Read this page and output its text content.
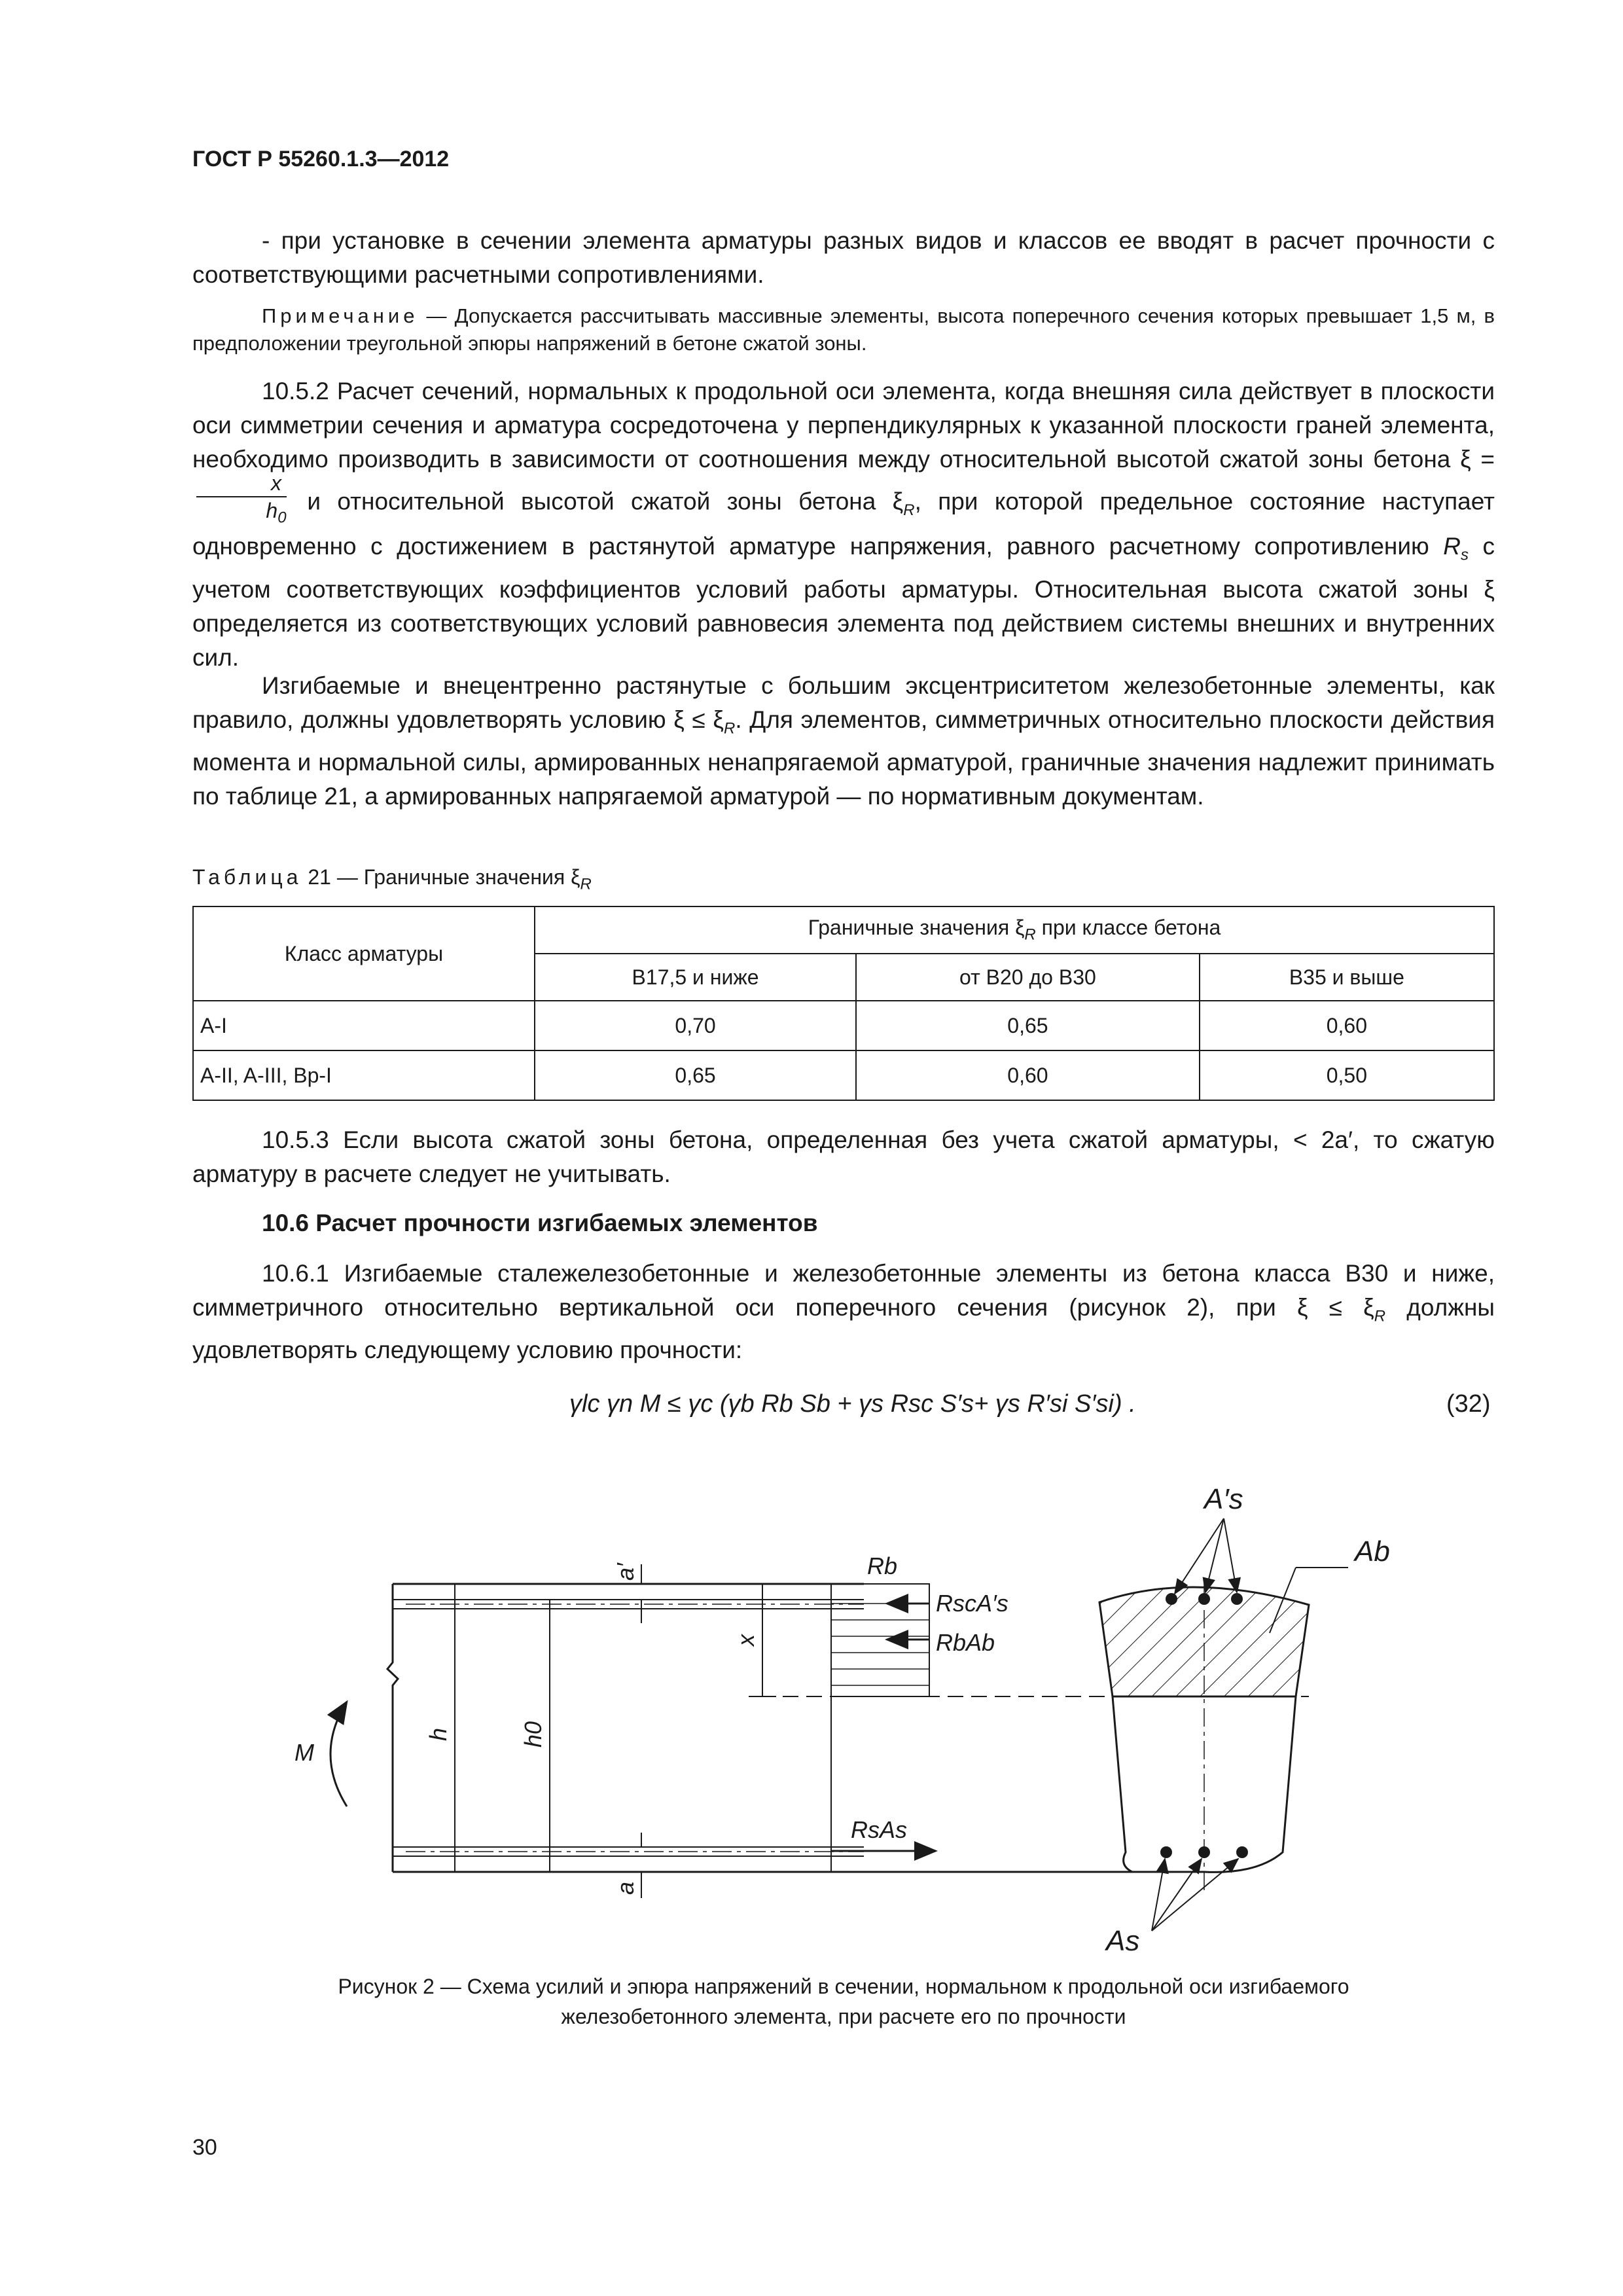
ГОСТ Р 55260.1.3—2012

- при установке в сечении элемента арматуры разных видов и классов ее вводят в расчет прочности с соответствующими расчетными сопротивлениями.

Примечание — Допускается рассчитывать массивные элементы, высота поперечного сечения которых превышает 1,5 м, в предположении треугольной эпюры напряжений в бетоне сжатой зоны.

10.5.2 Расчет сечений, нормальных к продольной оси элемента, когда внешняя сила действует в плоскости оси симметрии сечения и арматура сосредоточена у перпендикулярных к указанной плоскости граней элемента, необходимо производить в зависимости от соотношения между относительной высотой сжатой зоны бетона ξ =
$\frac{x}{h_0}$ и относительной высотой сжатой зоны бетона $\xi_R$, при которой предельное состояние наступает одновременно с достижением в растянутой арматуре напряжения, равного расчетному сопротивлению $R_s$ с учетом соответствующих коэффициентов условий работы арматуры. Относительная высота сжатой зоны ξ определяется из соответствующих условий равновесия элемента под действием системы внешних и внутренних сил.

Изгибаемые и внецентренно растянутые с большим эксцентриситетом железобетонные элементы, как правило, должны удовлетворять условию $\xi \le \xi_R$. Для элементов, симметричных относительно плоскости действия момента и нормальной силы, армированных ненапрягаемой арматурой, граничные значения надлежит принимать по таблице 21, а армированных напрягаемой арматурой — по нормативным документам.

Таблица 21 — Граничные значения $\xi_R$
Класс арматуры	Граничные значения $\xi_R$ при классе бетона		
	B17,5 и ниже	от B20 до B30	B35 и выше
A-I	0,70	0,65	0,60
A-II, A-III, Bp-I	0,65	0,60	0,50

10.5.3 Если высота сжатой зоны бетона, определенная без учета сжатой арматуры, < 2a′, то сжатую арматуру в расчете следует не учитывать.

10.6 Расчет прочности изгибаемых элементов

10.6.1 Изгибаемые сталежелезобетонные и железобетонные элементы из бетона класса B30 и ниже, симметричного относительно вертикальной оси поперечного сечения (рисунок 2), при $\xi \le \xi_R$ должны удовлетворять следующему условию прочности:

γlc γn M ≤ γc (γb Rb Sb + γs Rsc S′s+ γs R′si S′si) .	(32)
a′
a
x
h	h0
M
Rb
RscA′s
RbAb
RsAs
A′s
Ab
As
Рисунок 2 — Схема усилий и эпюра напряжений в сечении, нормальном к продольной оси изгибаемого
железобетонного элемента, при расчете его по прочности
30
